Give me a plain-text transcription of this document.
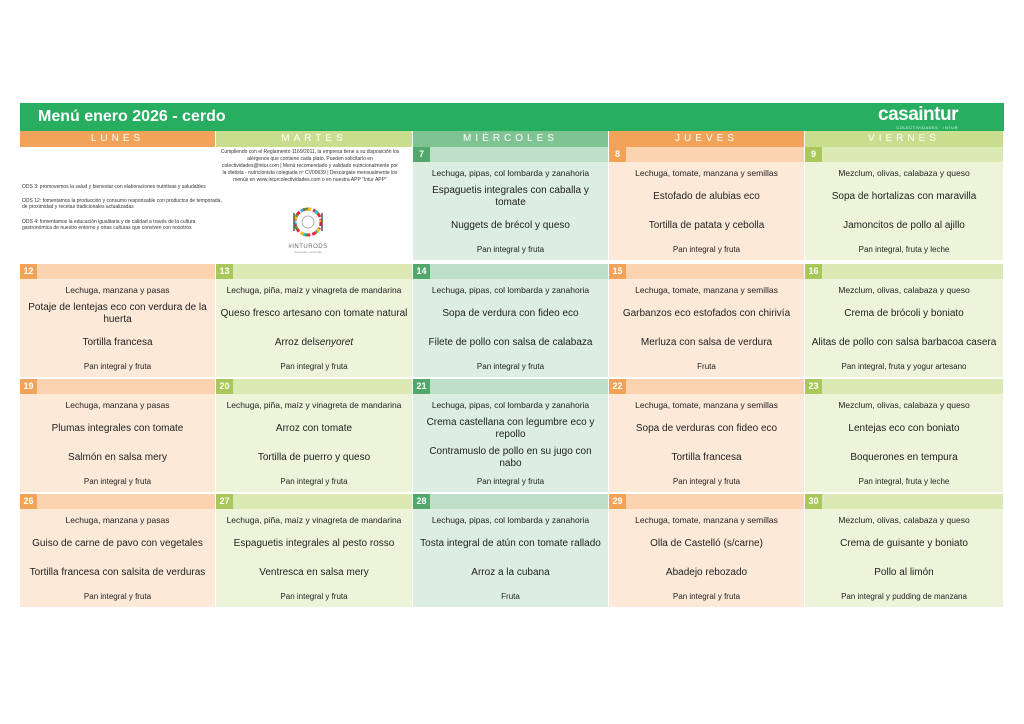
Menú enero 2026 - cerdo	casaintur
COLECTIVIDADES · INTUR
LUNES	MARTES	MIÉRCOLES	JUEVES	VIERNES
ODS 3: promovemos la salud y bienestar con elaboraciones nutritivas y saludables
ODS 12: fomentamos la producción y consumo responsable con productos de temporada, de proximidad y recetas tradicionales actualizadas
ODS 4: fomentamos la educación igualitaria y de calidad a través de la cultura gastronómica de nuestro entorno y otras culturas que conviven con nosotros
Cumpliendo con el Reglamento 1169/2011, la empresa tiene a su disposición los alérgenos que contiene cada plato. Pueden solicitarlo en colectividades@intur.com | Menú recomendado y validado nutricionalmente por la dietista - nutricionista colegiada nº CV00639 | Descárgate mensualmente los menús en www.inturcolectividades.com o en nuestra APP "Intur APP"
#INTURODS
desarrollo sostenible
7
Lechuga, pipas, col lombarda y zanahoria
Espaguetis integrales con caballa y tomate
Nuggets de brécol y queso
Pan integral y fruta
8
Lechuga, tomate, manzana y semillas
Estofado de alubias eco
Tortilla de patata y cebolla
Pan integral y fruta
9
Mezclum, olivas, calabaza y queso
Sopa de hortalizas con maravilla
Jamoncitos de pollo al ajillo
Pan integral, fruta y leche
12
Lechuga, manzana y pasas
Potaje de lentejas eco con verdura de la huerta
Tortilla francesa
Pan integral y fruta
13
Lechuga, piña, maíz y vinagreta de mandarina
Queso fresco artesano con tomate natural
Arroz del senyoret
Pan integral y fruta
14
Lechuga, pipas, col lombarda y zanahoria
Sopa de verdura con fideo eco
Filete de pollo con salsa de calabaza
Pan integral y fruta
15
Lechuga, tomate, manzana y semillas
Garbanzos eco estofados con chirivía
Merluza con salsa de verdura
Fruta
16
Mezclum, olivas, calabaza y queso
Crema de brócoli y boniato
Alitas de pollo con salsa barbacoa casera
Pan integral, fruta y yogur artesano
19
Lechuga, manzana y pasas
Plumas integrales con tomate
Salmón en salsa mery
Pan integral y fruta
20
Lechuga, piña, maíz y vinagreta de mandarina
Arroz con tomate
Tortilla de puerro y queso
Pan integral y fruta
21
Lechuga, pipas, col lombarda y zanahoria
Crema castellana con legumbre eco y repollo
Contramuslo de pollo en su jugo con nabo
Pan integral y fruta
22
Lechuga, tomate, manzana y semillas
Sopa de verduras con fideo eco
Tortilla francesa
Pan integral y fruta
23
Mezclum, olivas, calabaza y queso
Lentejas eco con boniato
Boquerones en tempura
Pan integral, fruta y leche
26
Lechuga, manzana y pasas
Guiso de carne de pavo con vegetales
Tortilla francesa con salsita de verduras
Pan integral y fruta
27
Lechuga, piña, maíz y vinagreta de mandarina
Espaguetis integrales al pesto rosso
Ventresca en salsa mery
Pan integral y fruta
28
Lechuga, pipas, col lombarda y zanahoria
Tosta integral de atún con tomate rallado
Arroz a la cubana
Fruta
29
Lechuga, tomate, manzana y semillas
Olla de Castelló (s/carne)
Abadejo rebozado
Pan integral y fruta
30
Mezclum, olivas, calabaza y queso
Crema de guisante y boniato
Pollo al limón
Pan integral y pudding de manzana
